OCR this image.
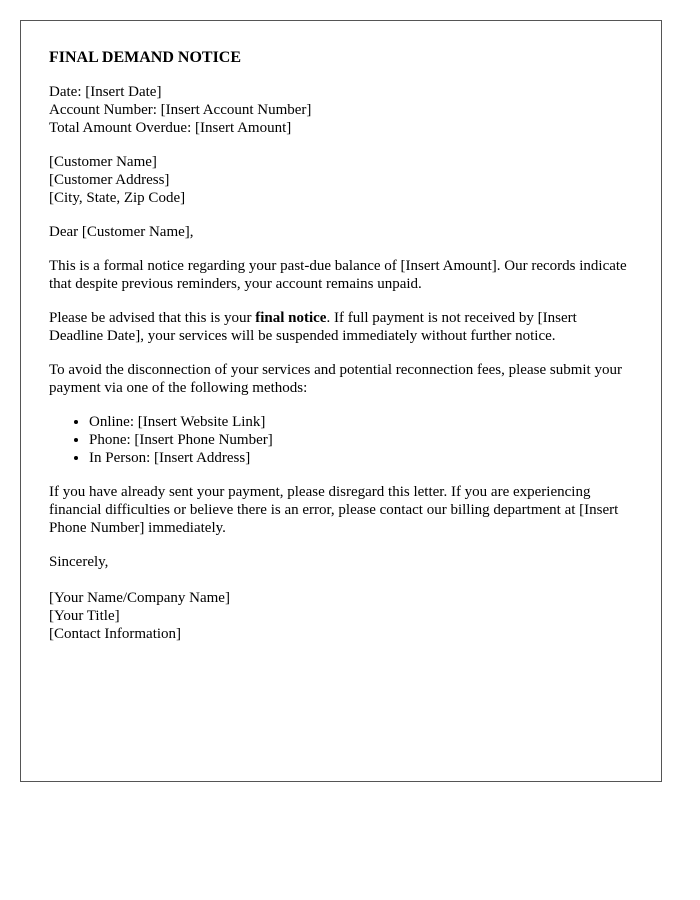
FINAL DEMAND NOTICE

Date: [Insert Date]
Account Number: [Insert Account Number]
Total Amount Overdue: [Insert Amount]

[Customer Name]
[Customer Address]
[City, State, Zip Code]

Dear [Customer Name],

This is a formal notice regarding your past-due balance of [Insert Amount]. Our records indicate that despite previous reminders, your account remains unpaid.

Please be advised that this is your final notice. If full payment is not received by [Insert Deadline Date], your services will be suspended immediately without further notice.

To avoid the disconnection of your services and potential reconnection fees, please submit your payment via one of the following methods:

• Online: [Insert Website Link]
• Phone: [Insert Phone Number]
• In Person: [Insert Address]

If you have already sent your payment, please disregard this letter. If you are experiencing financial difficulties or believe there is an error, please contact our billing department at [Insert Phone Number] immediately.

Sincerely,

[Your Name/Company Name]
[Your Title]
[Contact Information]
